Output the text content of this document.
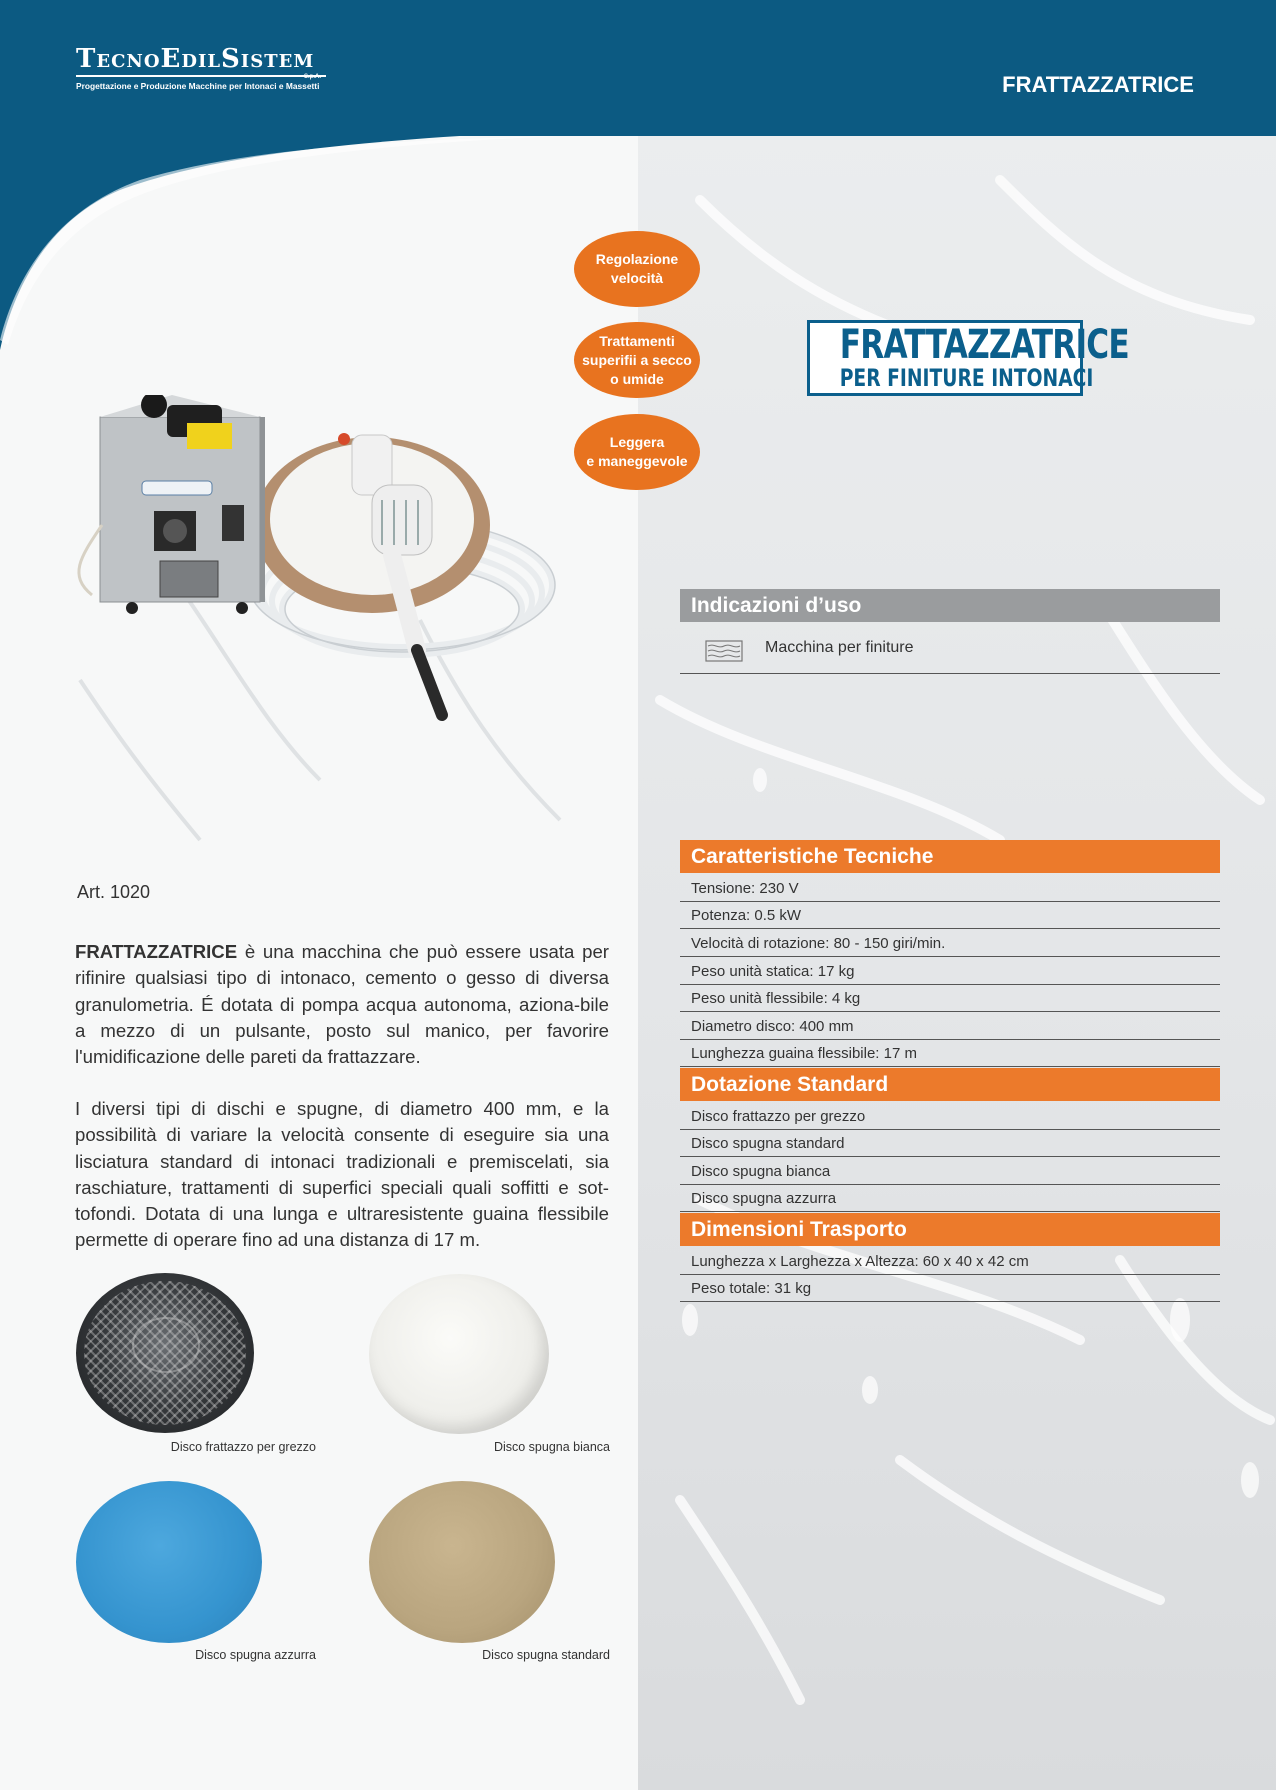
TecnoEdilSistem
S.p.A.
Progettazione e Produzione Macchine per Intonaci e Massetti	FRATTAZZATRICE
Regolazione
velocità
Trattamenti
superifii a secco
o umide
Leggera
e maneggevole
FRATTAZZATRICE
PER FINITURE INTONACI
Indicazioni d’uso
Macchina per finiture
Caratteristiche Tecniche
Tensione: 230 V
Potenza: 0.5 kW
Velocità di rotazione: 80 - 150 giri/min.
Peso unità statica: 17 kg
Peso unità flessibile: 4 kg
Diametro disco: 400 mm
Lunghezza guaina flessibile: 17 m
Dotazione Standard
Disco frattazzo per grezzo
Disco spugna standard
Disco spugna bianca
Disco spugna azzurra
Dimensioni Trasporto
Lunghezza x Larghezza x Altezza: 60 x 40 x 42 cm
Peso totale: 31 kg
Art. 1020
FRATTAZZATRICE è una macchina che può essere usata per rifinire qualsiasi tipo di intonaco, cemento o gesso di diversa granulometria. É dotata di pompa acqua autonoma, aziona-bile a mezzo di un pulsante, posto sul manico, per favorire l'umidificazione delle pareti da frattazzare.
I diversi tipi di dischi e spugne, di diametro 400 mm, e la possibilità di variare la velocità consente di eseguire sia una lisciatura standard di intonaci tradizionali e premiscelati, sia raschiature, trattamenti di superfici speciali quali soffitti e sot-tofondi. Dotata di una lunga e ultraresistente guaina flessibile permette di operare fino ad una distanza di 17 m.
Disco frattazzo per grezzo	Disco spugna bianca
Disco spugna azzurra	Disco spugna standard
